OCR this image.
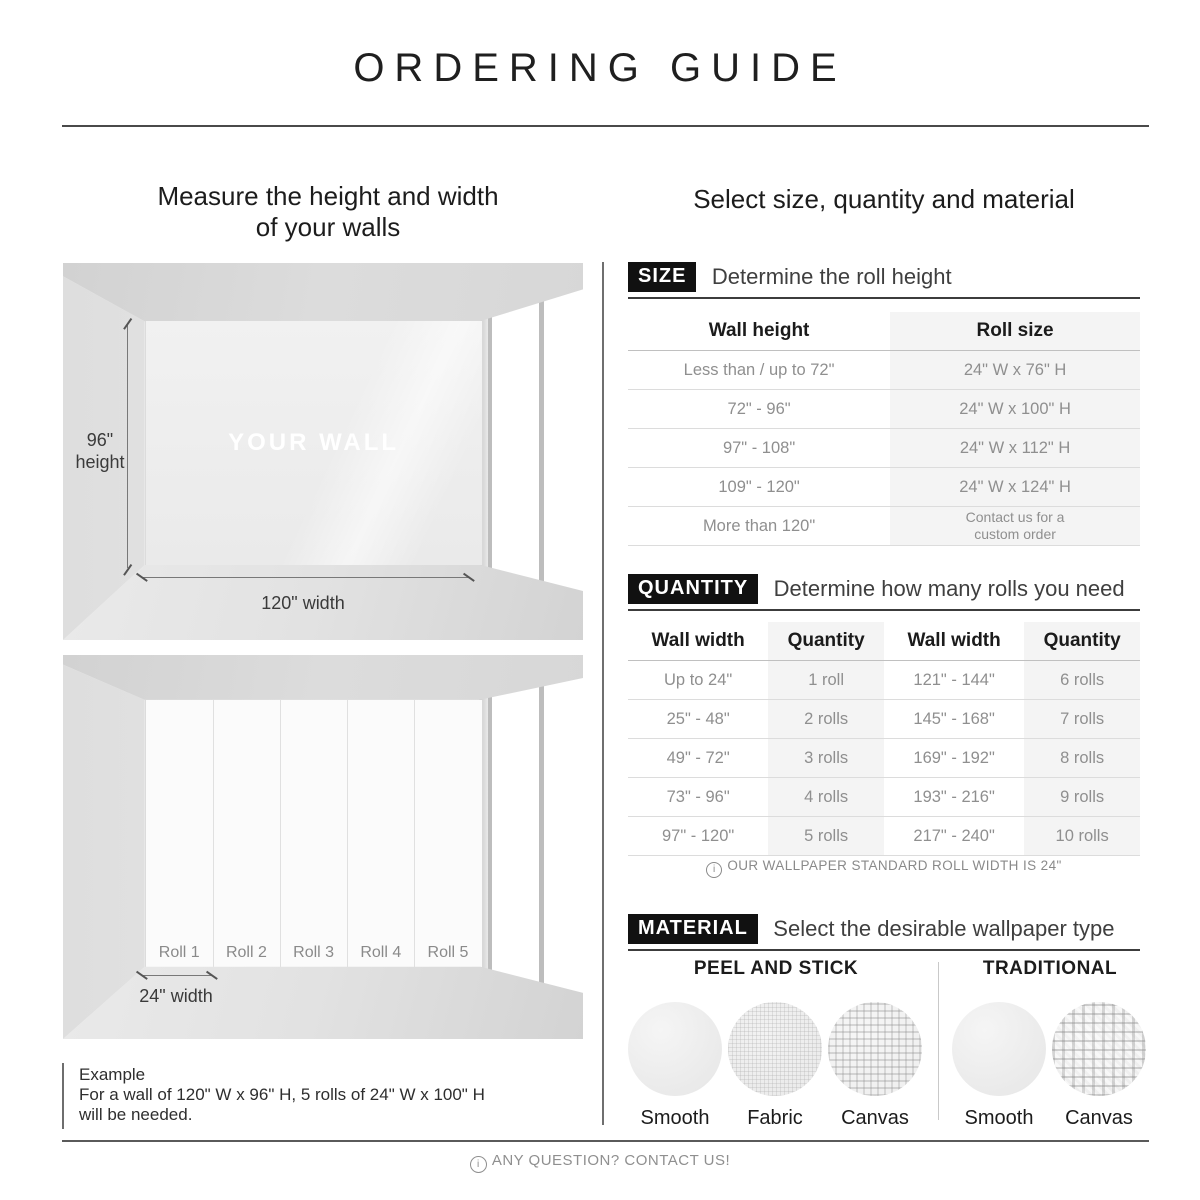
ORDERING GUIDE
Measure the height and width
of your walls
YOUR WALL
96"
height
120" width
Roll 1	Roll 2	Roll 3	Roll 4	Roll 5
24" width
Example
For a wall of 120" W x 96" H, 5 rolls of 24" W x 100" H
will be needed.
Select size, quantity and material
SIZE Determine the roll height
Wall height	Roll size
Less than / up to 72"	24" W x 76" H
72" - 96"	24" W x 100" H
97" - 108"	24" W x 112" H
109" - 120"	24" W x 124" H
More than 120"	Contact us for a custom order
QUANTITY Determine how many rolls you need
Wall width	Quantity	Wall width	Quantity
Up to 24"	1 roll	121" - 144"	6 rolls
25" - 48"	2 rolls	145" - 168"	7 rolls
49" - 72"	3 rolls	169" - 192"	8 rolls
73" - 96"	4 rolls	193" - 216"	9 rolls
97" - 120"	5 rolls	217" - 240"	10 rolls
i OUR WALLPAPER STANDARD ROLL WIDTH IS 24"
MATERIAL Select the desirable wallpaper type
PEEL AND STICK
Smooth	Fabric	Canvas
TRADITIONAL
Smooth	Canvas
i ANY QUESTION? CONTACT US!
